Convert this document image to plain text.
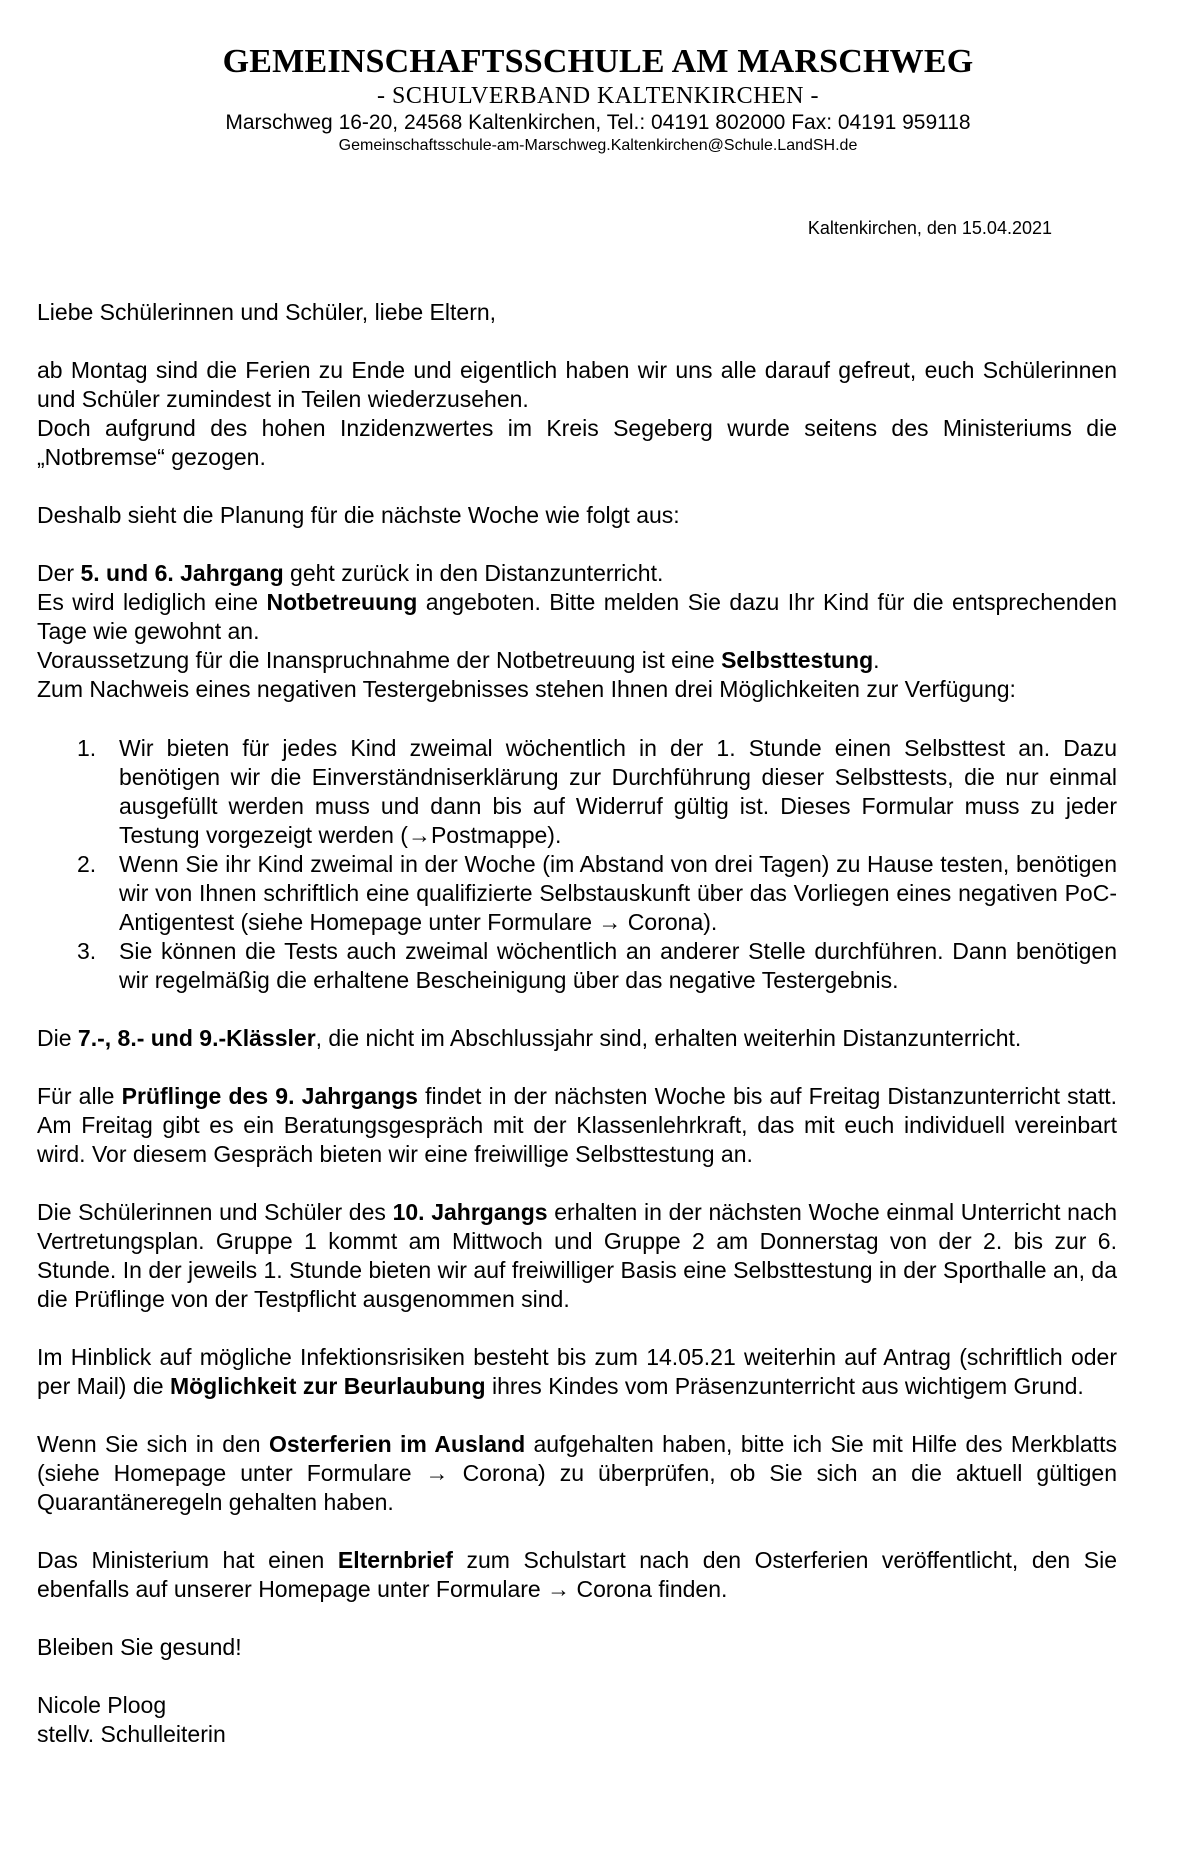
GEMEINSCHAFTSSCHULE AM MARSCHWEG
- SCHULVERBAND KALTENKIRCHEN -
Marschweg 16-20, 24568 Kaltenkirchen, Tel.: 04191 802000 Fax: 04191 959118
Gemeinschaftsschule-am-Marschweg.Kaltenkirchen@Schule.LandSH.de
Kaltenkirchen, den 15.04.2021

Liebe Schülerinnen und Schüler, liebe Eltern,

ab Montag sind die Ferien zu Ende und eigentlich haben wir uns alle darauf gefreut, euch Schülerinnen und Schüler zumindest in Teilen wiederzusehen.

Doch aufgrund des hohen Inzidenzwertes im Kreis Segeberg wurde seitens des Ministeriums die „Notbremse“ gezogen.

Deshalb sieht die Planung für die nächste Woche wie folgt aus:

Der 5. und 6. Jahrgang geht zurück in den Distanzunterricht.

Es wird lediglich eine Notbetreuung angeboten. Bitte melden Sie dazu Ihr Kind für die entsprechenden Tage wie gewohnt an.

Voraussetzung für die Inanspruchnahme der Notbetreuung ist eine Selbsttestung.

Zum Nachweis eines negativen Testergebnisses stehen Ihnen drei Möglichkeiten zur Verfügung:

1. Wir bieten für jedes Kind zweimal wöchentlich in der 1. Stunde einen Selbsttest an. Dazu benötigen wir die Einverständniserklärung zur Durchführung dieser Selbsttests, die nur einmal ausgefüllt werden muss und dann bis auf Widerruf gültig ist. Dieses Formular muss zu jeder Testung vorgezeigt werden (→Postmappe).
2. Wenn Sie ihr Kind zweimal in der Woche (im Abstand von drei Tagen) zu Hause testen, benötigen wir von Ihnen schriftlich eine qualifizierte Selbstauskunft über das Vorliegen eines negativen PoC-Antigentest (siehe Homepage unter Formulare → Corona).
3. Sie können die Tests auch zweimal wöchentlich an anderer Stelle durchführen. Dann benötigen wir regelmäßig die erhaltene Bescheinigung über das negative Testergebnis.

Die 7.-, 8.- und 9.-Klässler, die nicht im Abschlussjahr sind, erhalten weiterhin Distanzunterricht.

Für alle Prüflinge des 9. Jahrgangs findet in der nächsten Woche bis auf Freitag Distanzunterricht statt. Am Freitag gibt es ein Beratungsgespräch mit der Klassenlehrkraft, das mit euch individuell vereinbart wird. Vor diesem Gespräch bieten wir eine freiwillige Selbsttestung an.

Die Schülerinnen und Schüler des 10. Jahrgangs erhalten in der nächsten Woche einmal Unterricht nach Vertretungsplan. Gruppe 1 kommt am Mittwoch und Gruppe 2 am Donnerstag von der 2. bis zur 6. Stunde. In der jeweils 1. Stunde bieten wir auf freiwilliger Basis eine Selbsttestung in der Sporthalle an, da die Prüflinge von der Testpflicht ausgenommen sind.

Im Hinblick auf mögliche Infektionsrisiken besteht bis zum 14.05.21 weiterhin auf Antrag (schriftlich oder per Mail) die Möglichkeit zur Beurlaubung ihres Kindes vom Präsenzunterricht aus wichtigem Grund.

Wenn Sie sich in den Osterferien im Ausland aufgehalten haben, bitte ich Sie mit Hilfe des Merkblatts (siehe Homepage unter Formulare → Corona) zu überprüfen, ob Sie sich an die aktuell gültigen Quarantäneregeln gehalten haben.

Das Ministerium hat einen Elternbrief zum Schulstart nach den Osterferien veröffentlicht, den Sie ebenfalls auf unserer Homepage unter Formulare → Corona finden.

Bleiben Sie gesund!

Nicole Ploog

stellv. Schulleiterin
